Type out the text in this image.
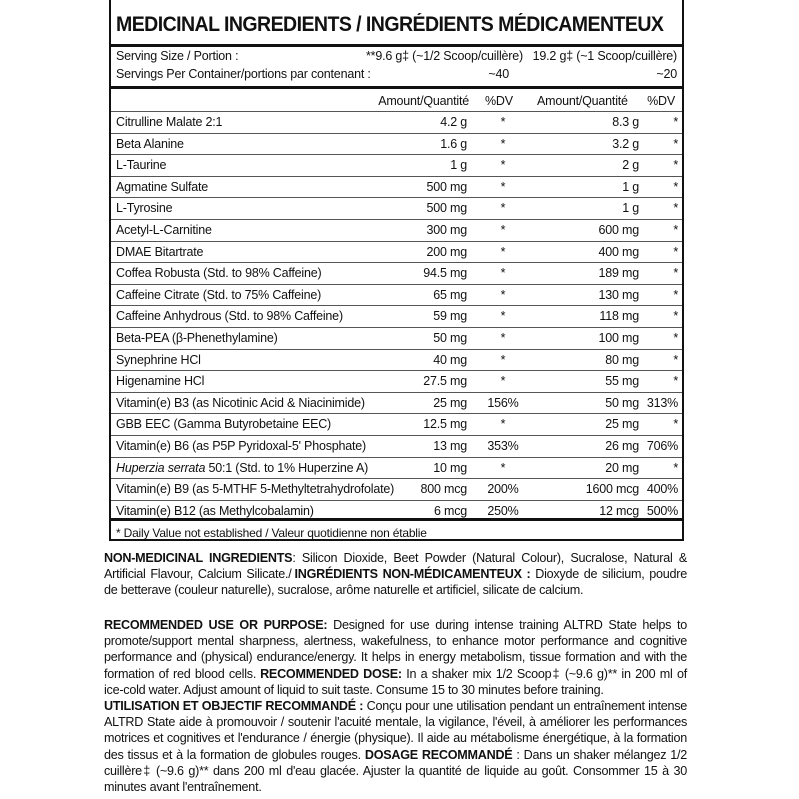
MEDICINAL INGREDIENTS / INGRÉDIENTS MÉDICAMENTEUX
Serving Size / Portion :	**9.6 g‡ (~1/2 Scoop/cuillère) 19.2 g‡ (~1 Scoop/cuillère)
Servings Per Container/portions par contenant :	~40	~20
Amount/Quantité %DV Amount/Quantité %DV
Citrulline Malate 2:1	4.2 g	*	8.3 g	*
Beta Alanine	1.6 g	*	3.2 g	*
L-Taurine	1 g	*	2 g	*
Agmatine Sulfate	500 mg	*	1 g	*
L-Tyrosine	500 mg	*	1 g	*
Acetyl-L-Carnitine	300 mg	*	600 mg	*
DMAE Bitartrate	200 mg	*	400 mg	*
Coffea Robusta (Std. to 98% Caffeine)	94.5 mg	*	189 mg	*
Caffeine Citrate (Std. to 75% Caffeine)	65 mg	*	130 mg	*
Caffeine Anhydrous (Std. to 98% Caffeine)	59 mg	*	118 mg	*
Beta-PEA (β-Phenethylamine)	50 mg	*	100 mg	*
Synephrine HCl	40 mg	*	80 mg	*
Higenamine HCl	27.5 mg	*	55 mg	*
Vitamin(e) B3 (as Nicotinic Acid & Niacinimide)	25 mg	156%	50 mg 313%
GBB EEC (Gamma Butyrobetaine EEC)	12.5 mg	*	25 mg	*
Vitamin(e) B6 (as P5P Pyridoxal-5' Phosphate)	13 mg	353%	26 mg 706%
Huperzia serrata 50:1 (Std. to 1% Huperzine A)	10 mg	*	20 mg	*
Vitamin(e) B9 (as 5-MTHF 5-Methyltetrahydrofolate) 800 mcg	200%	1600 mcg 400%
Vitamin(e) B12 (as Methylcobalamin)	6 mcg	250%	12 mcg 500%
* Daily Value not established / Valeur quotidienne non établie
NON-MEDICINAL INGREDIENTS: Silicon Dioxide, Beet Powder (Natural Colour), Sucralose, Natural & Artificial Flavour, Calcium Silicate./ INGRÉDIENTS NON-MÉDICAMENTEUX : Dioxyde de silicium, poudre de betterave (couleur naturelle), sucralose, arôme naturelle et artificiel, silicate de calcium.
RECOMMENDED USE OR PURPOSE: Designed for use during intense training ALTRD State helps to promote/support mental sharpness, alertness, wakefulness, to enhance motor performance and cognitive performance and (physical) endurance/energy. It helps in energy metabolism, tissue formation and with the formation of red blood cells. RECOMMENDED DOSE: In a shaker mix 1/2 Scoop‡ (~9.6 g)** in 200 ml of ice-cold water. Adjust amount of liquid to suit taste. Consume 15 to 30 minutes before training.
UTILISATION ET OBJECTIF RECOMMANDÉ : Conçu pour une utilisation pendant un entraînement intense ALTRD State aide à promouvoir / soutenir l'acuité mentale, la vigilance, l'éveil, à améliorer les performances motrices et cognitives et l'endurance / énergie (physique). Il aide au métabolisme énergétique, à la formation des tissus et à la formation de globules rouges. DOSAGE RECOMMANDÉ : Dans un shaker mélangez 1/2 cuillère‡ (~9.6 g)** dans 200 ml d'eau glacée. Ajuster la quantité de liquide au goût. Consommer 15 à 30 minutes avant l'entraînement.
